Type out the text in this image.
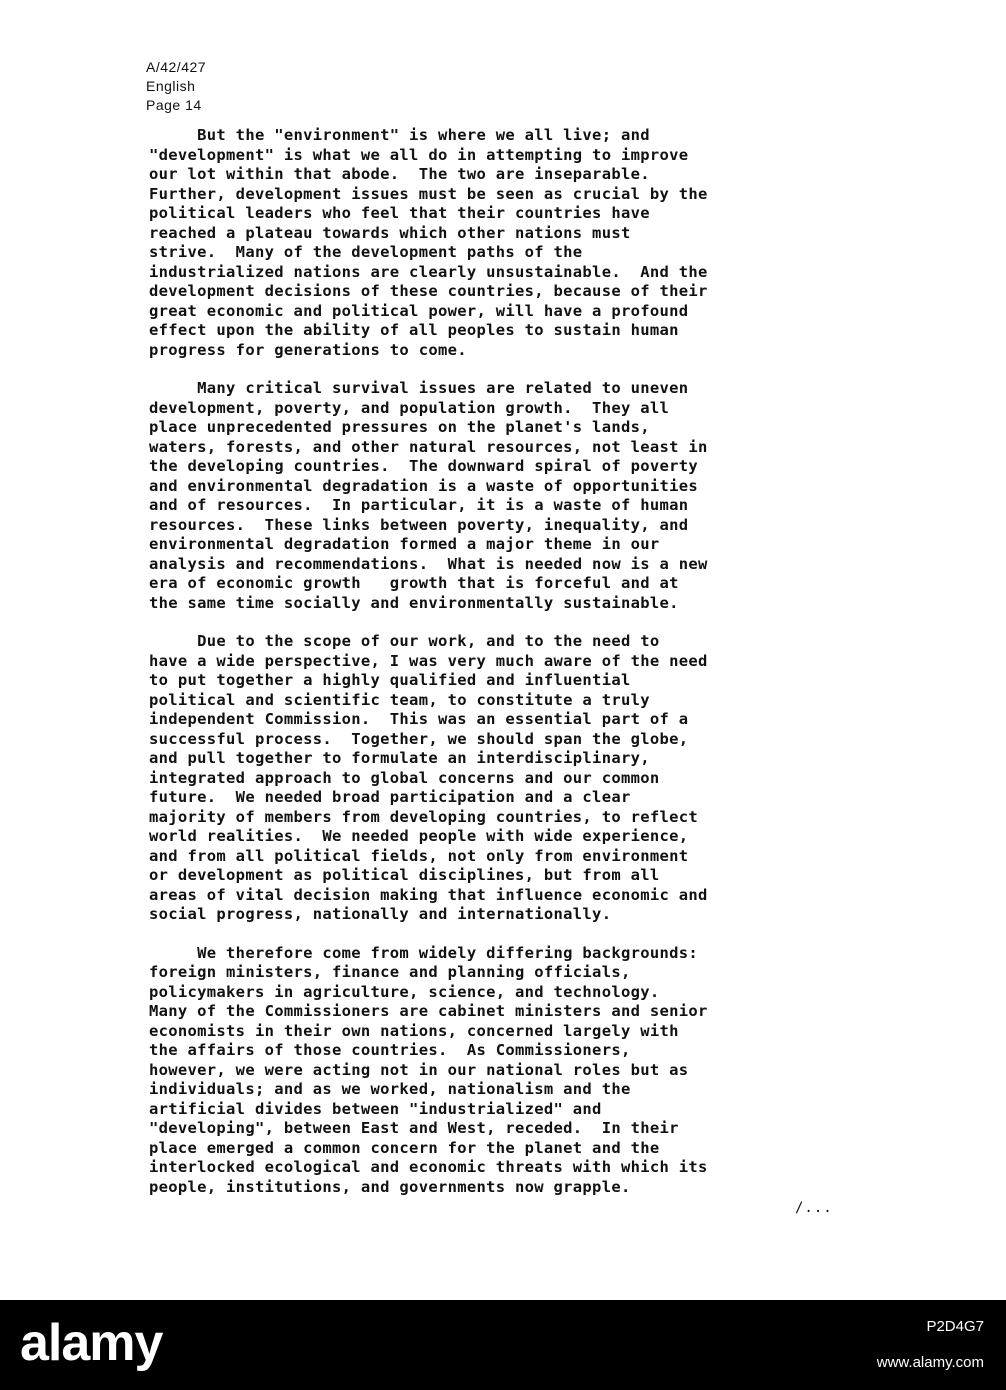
A/42/427
English
Page 14
But the "environment" is where we all live; and
"development" is what we all do in attempting to improve
our lot within that abode.  The two are inseparable.
Further, development issues must be seen as crucial by the
political leaders who feel that their countries have
reached a plateau towards which other nations must
strive.  Many of the development paths of the
industrialized nations are clearly unsustainable.  And the
development decisions of these countries, because of their
great economic and political power, will have a profound
effect upon the ability of all peoples to sustain human
progress for generations to come.
Many critical survival issues are related to uneven
development, poverty, and population growth.  They all
place unprecedented pressures on the planet's lands,
waters, forests, and other natural resources, not least in
the developing countries.  The downward spiral of poverty
and environmental degradation is a waste of opportunities
and of resources.  In particular, it is a waste of human
resources.  These links between poverty, inequality, and
environmental degradation formed a major theme in our
analysis and recommendations.  What is needed now is a new
era of economic growth   growth that is forceful and at
the same time socially and environmentally sustainable.
Due to the scope of our work, and to the need to
have a wide perspective, I was very much aware of the need
to put together a highly qualified and influential
political and scientific team, to constitute a truly
independent Commission.  This was an essential part of a
successful process.  Together, we should span the globe,
and pull together to formulate an interdisciplinary,
integrated approach to global concerns and our common
future.  We needed broad participation and a clear
majority of members from developing countries, to reflect
world realities.  We needed people with wide experience,
and from all political fields, not only from environment
or development as political disciplines, but from all
areas of vital decision making that influence economic and
social progress, nationally and internationally.
We therefore come from widely differing backgrounds:
foreign ministers, finance and planning officials,
policymakers in agriculture, science, and technology.
Many of the Commissioners are cabinet ministers and senior
economists in their own nations, concerned largely with
the affairs of those countries.  As Commissioners,
however, we were acting not in our national roles but as
individuals; and as we worked, nationalism and the
artificial divides between "industrialized" and
"developing", between East and West, receded.  In their
place emerged a common concern for the planet and the
interlocked ecological and economic threats with which its
people, institutions, and governments now grapple.
/...
alamy	P2D4G7
www.alamy.com
